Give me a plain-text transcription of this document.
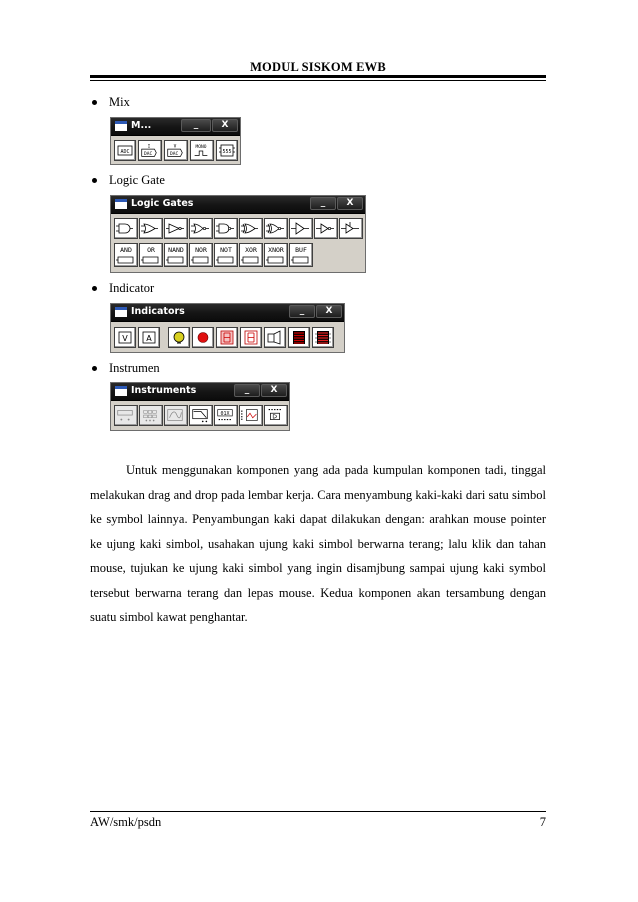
MODUL SISKOM EWB
Mix
M...	_	X
ADC
I
DAC
V
DAC
MONO
555
Logic Gate
Logic Gates	_	X
AND	OR	NAND	NOR	NOT	XOR	XNOR	BUF
Indicator
Indicators	_	X
V A
Instrumen
Instruments	_	X
01X

Untuk menggunakan komponen yang ada pada kumpulan komponen tadi, tinggal melakukan drag and drop pada lembar kerja. Cara menyambung kaki-kaki dari satu simbol ke symbol lainnya. Penyambungan kaki dapat dilakukan dengan: arahkan mouse pointer ke ujung kaki simbol, usahakan ujung kaki simbol berwarna terang; lalu klik dan tahan mouse, tujukan ke ujung kaki simbol yang ingin disamjbung sampai ujung kaki symbol tersebut berwarna terang dan lepas mouse. Kedua komponen akan tersambung dengan suatu simbol kawat penghantar.

AW/smk/psdn	7
